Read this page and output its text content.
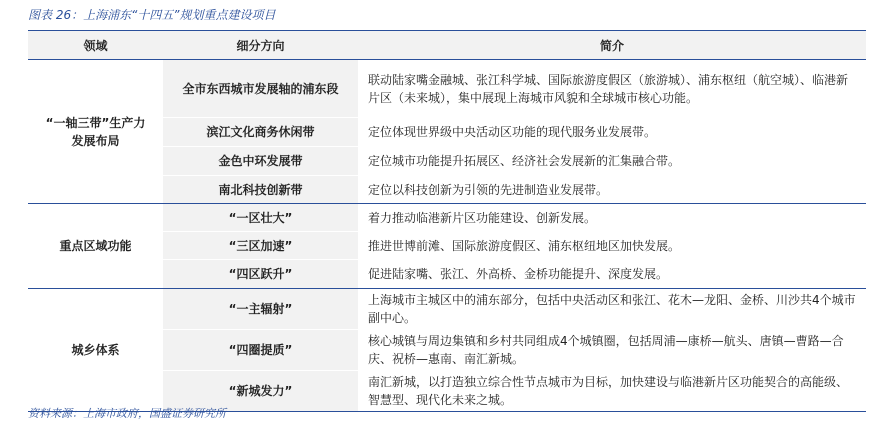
图表 26：上海浦东“十四五”规划重点建设项目
领域	细分方向	简介
“一轴三带”生产力发展布局	全市东西城市发展轴的浦东段	联动陆家嘴金融城、张江科学城、国际旅游度假区（旅游城）、浦东枢纽（航空城）、临港新片区（未来城），集中展现上海城市风貌和全球城市核心功能。
	滨江文化商务休闲带	定位体现世界级中央活动区功能的现代服务业发展带。
	金色中环发展带	定位城市功能提升拓展区、经济社会发展新的汇集融合带。
	南北科技创新带	定位以科技创新为引领的先进制造业发展带。
重点区域功能	“一区壮大”	着力推动临港新片区功能建设、创新发展。
	“三区加速”	推进世博前滩、国际旅游度假区、浦东枢纽地区加快发展。
	“四区跃升”	促进陆家嘴、张江、外高桥、金桥功能提升、深度发展。
城乡体系	“一主辐射”	上海城市主城区中的浦东部分，包括中央活动区和张江、花木—龙阳、金桥、川沙共4个城市副中心。
	“四圈提质”	核心城镇与周边集镇和乡村共同组成4个城镇圈，包括周浦—康桥—航头、唐镇—曹路—合庆、祝桥—惠南、南汇新城。
	“新城发力”	南汇新城，以打造独立综合性节点城市为目标，加快建设与临港新片区功能契合的高能级、智慧型、现代化未来之城。
资料来源：上海市政府，国盛证券研究所
